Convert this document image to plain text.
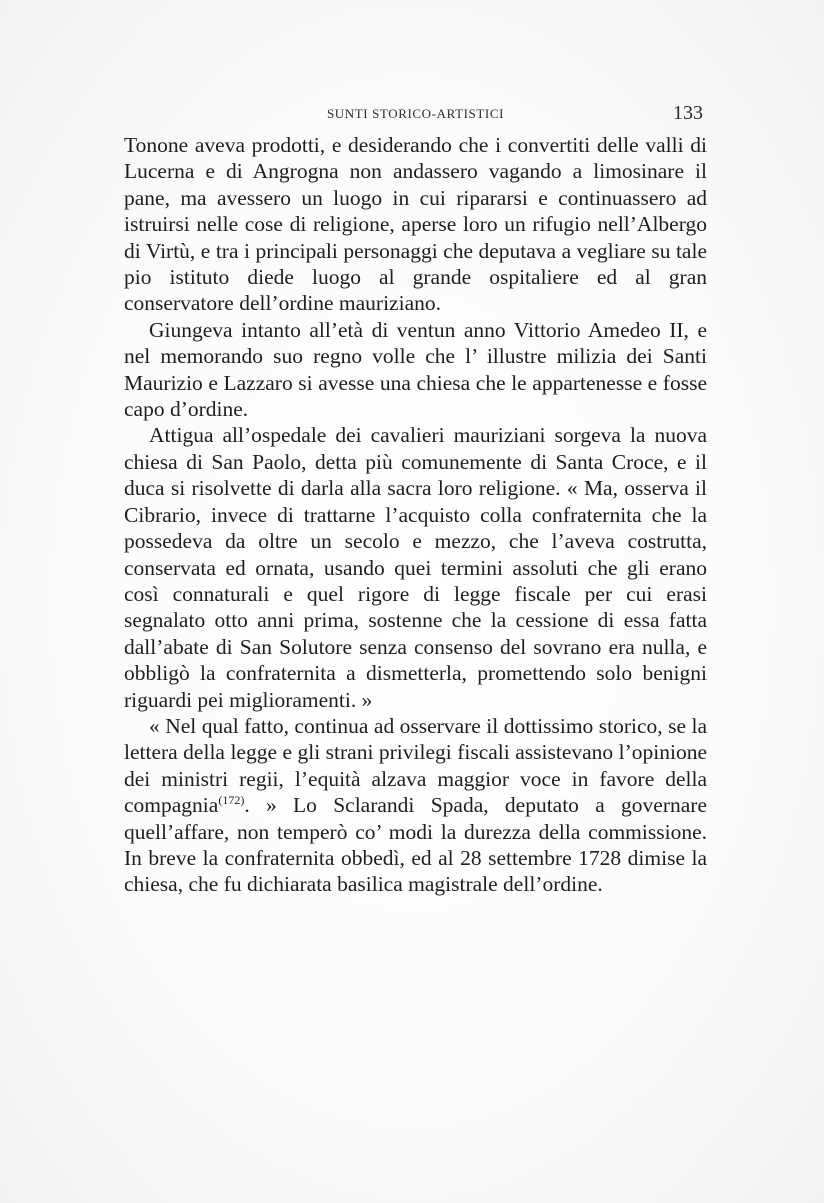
SUNTI STORICO-ARTISTICI	133

Tonone aveva prodotti, e desiderando che i convertiti delle valli di Lucerna e di Angrogna non andassero vagando a limosinare il pane, ma avessero un luogo in cui ripararsi e continuassero ad istruirsi nelle cose di religione, aperse loro un rifugio nell’Albergo di Virtù, e tra i principali personaggi che deputava a vegliare su tale pio istituto diede luogo al grande ospitaliere ed al gran conservatore dell’ordine mauriziano.

Giungeva intanto all’età di ventun anno Vittorio Amedeo II, e nel memorando suo regno volle che l’ illustre milizia dei Santi Maurizio e Lazzaro si avesse una chiesa che le appartenesse e fosse capo d’ordine.

Attigua all’ospedale dei cavalieri mauriziani sorgeva la nuova chiesa di San Paolo, detta più comunemente di Santa Croce, e il duca si risolvette di darla alla sacra loro religione. « Ma, osserva il Cibrario, invece di trattarne l’acquisto colla confraternita che la possedeva da oltre un secolo e mezzo, che l’aveva costrutta, conservata ed ornata, usando quei termini assoluti che gli erano così connaturali e quel rigore di legge fiscale per cui erasi segnalato otto anni prima, sostenne che la cessione di essa fatta dall’abate di San Solutore senza consenso del sovrano era nulla, e obbligò la confraternita a dismetterla, promettendo solo benigni riguardi pei miglioramenti. »

« Nel qual fatto, continua ad osservare il dottissimo storico, se la lettera della legge e gli strani privilegi fiscali assistevano l’opinione dei ministri regii, l’equità alzava maggior voce in favore della compagnia$^{(172)}$. » Lo Sclarandi Spada, deputato a governare quell’affare, non temperò co’ modi la durezza della commissione. In breve la confraternita obbedì, ed al 28 settembre 1728 dimise la chiesa, che fu dichiarata basilica magistrale dell’ordine.
